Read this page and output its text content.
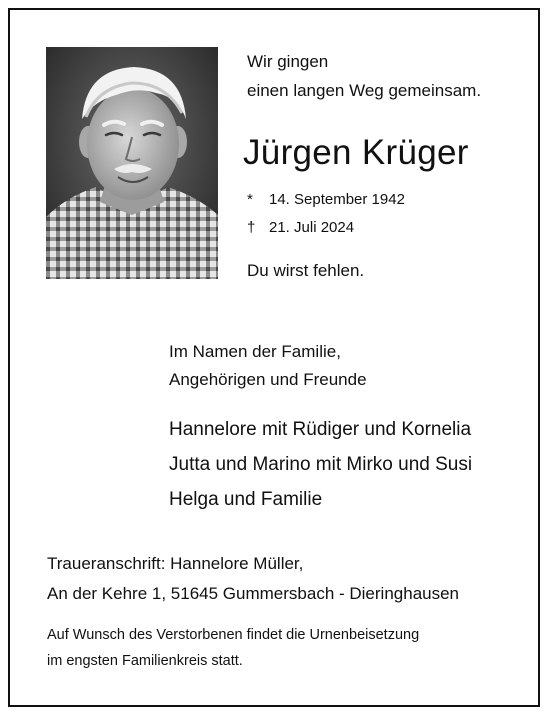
Wir gingen
einen langen Weg gemeinsam.

Jürgen Krüger
* 14. September 1942
† 21. Juli 2024

Du wirst fehlen.

Im Namen der Familie,
Angehörigen und Freunde

Hannelore mit Rüdiger und Kornelia
Jutta und Marino mit Mirko und Susi
Helga und Familie

Traueranschrift: Hannelore Müller,
An der Kehre 1, 51645 Gummersbach - Dieringhausen

Auf Wunsch des Verstorbenen findet die Urnenbeisetzung
im engsten Familienkreis statt.
